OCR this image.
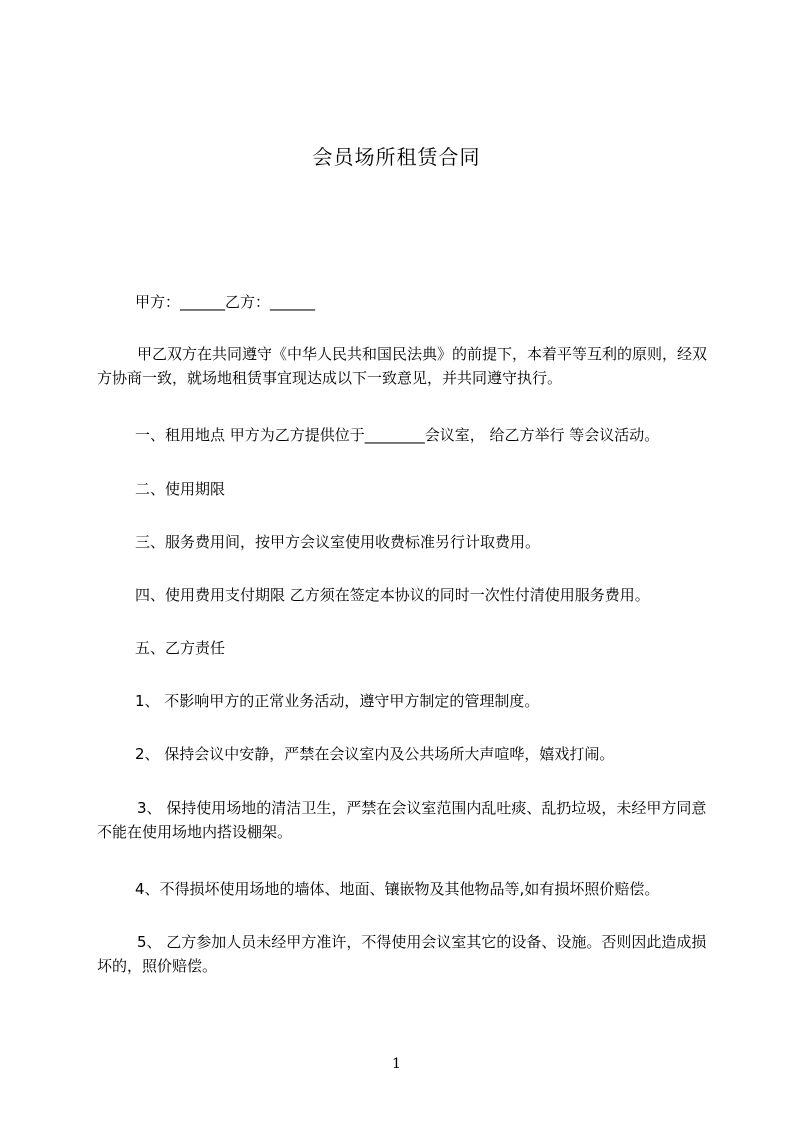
会员场所租赁合同
甲方：______乙方：______
甲乙双方在共同遵守《中华人民共和国民法典》的前提下，本着平等互利的原则，经双方协商一致，就场地租赁事宜现达成以下一致意见，并共同遵守执行。
一、租用地点 甲方为乙方提供位于________会议室， 给乙方举行 等会议活动。
二、使用期限
三、服务费用间，按甲方会议室使用收费标准另行计取费用。
四、使用费用支付期限 乙方须在签定本协议的同时一次性付清使用服务费用。
五、乙方责任
1、 不影响甲方的正常业务活动，遵守甲方制定的管理制度。
2、 保持会议中安静，严禁在会议室内及公共场所大声喧哗，嬉戏打闹。
3、 保持使用场地的清洁卫生，严禁在会议室范围内乱吐痰、乱扔垃圾，未经甲方同意不能在使用场地内搭设棚架。
4、不得损坏使用场地的墙体、地面、镶嵌物及其他物品等,如有损坏照价赔偿。
5、 乙方参加人员未经甲方准许，不得使用会议室其它的设备、设施。否则因此造成损坏的，照价赔偿。
1
